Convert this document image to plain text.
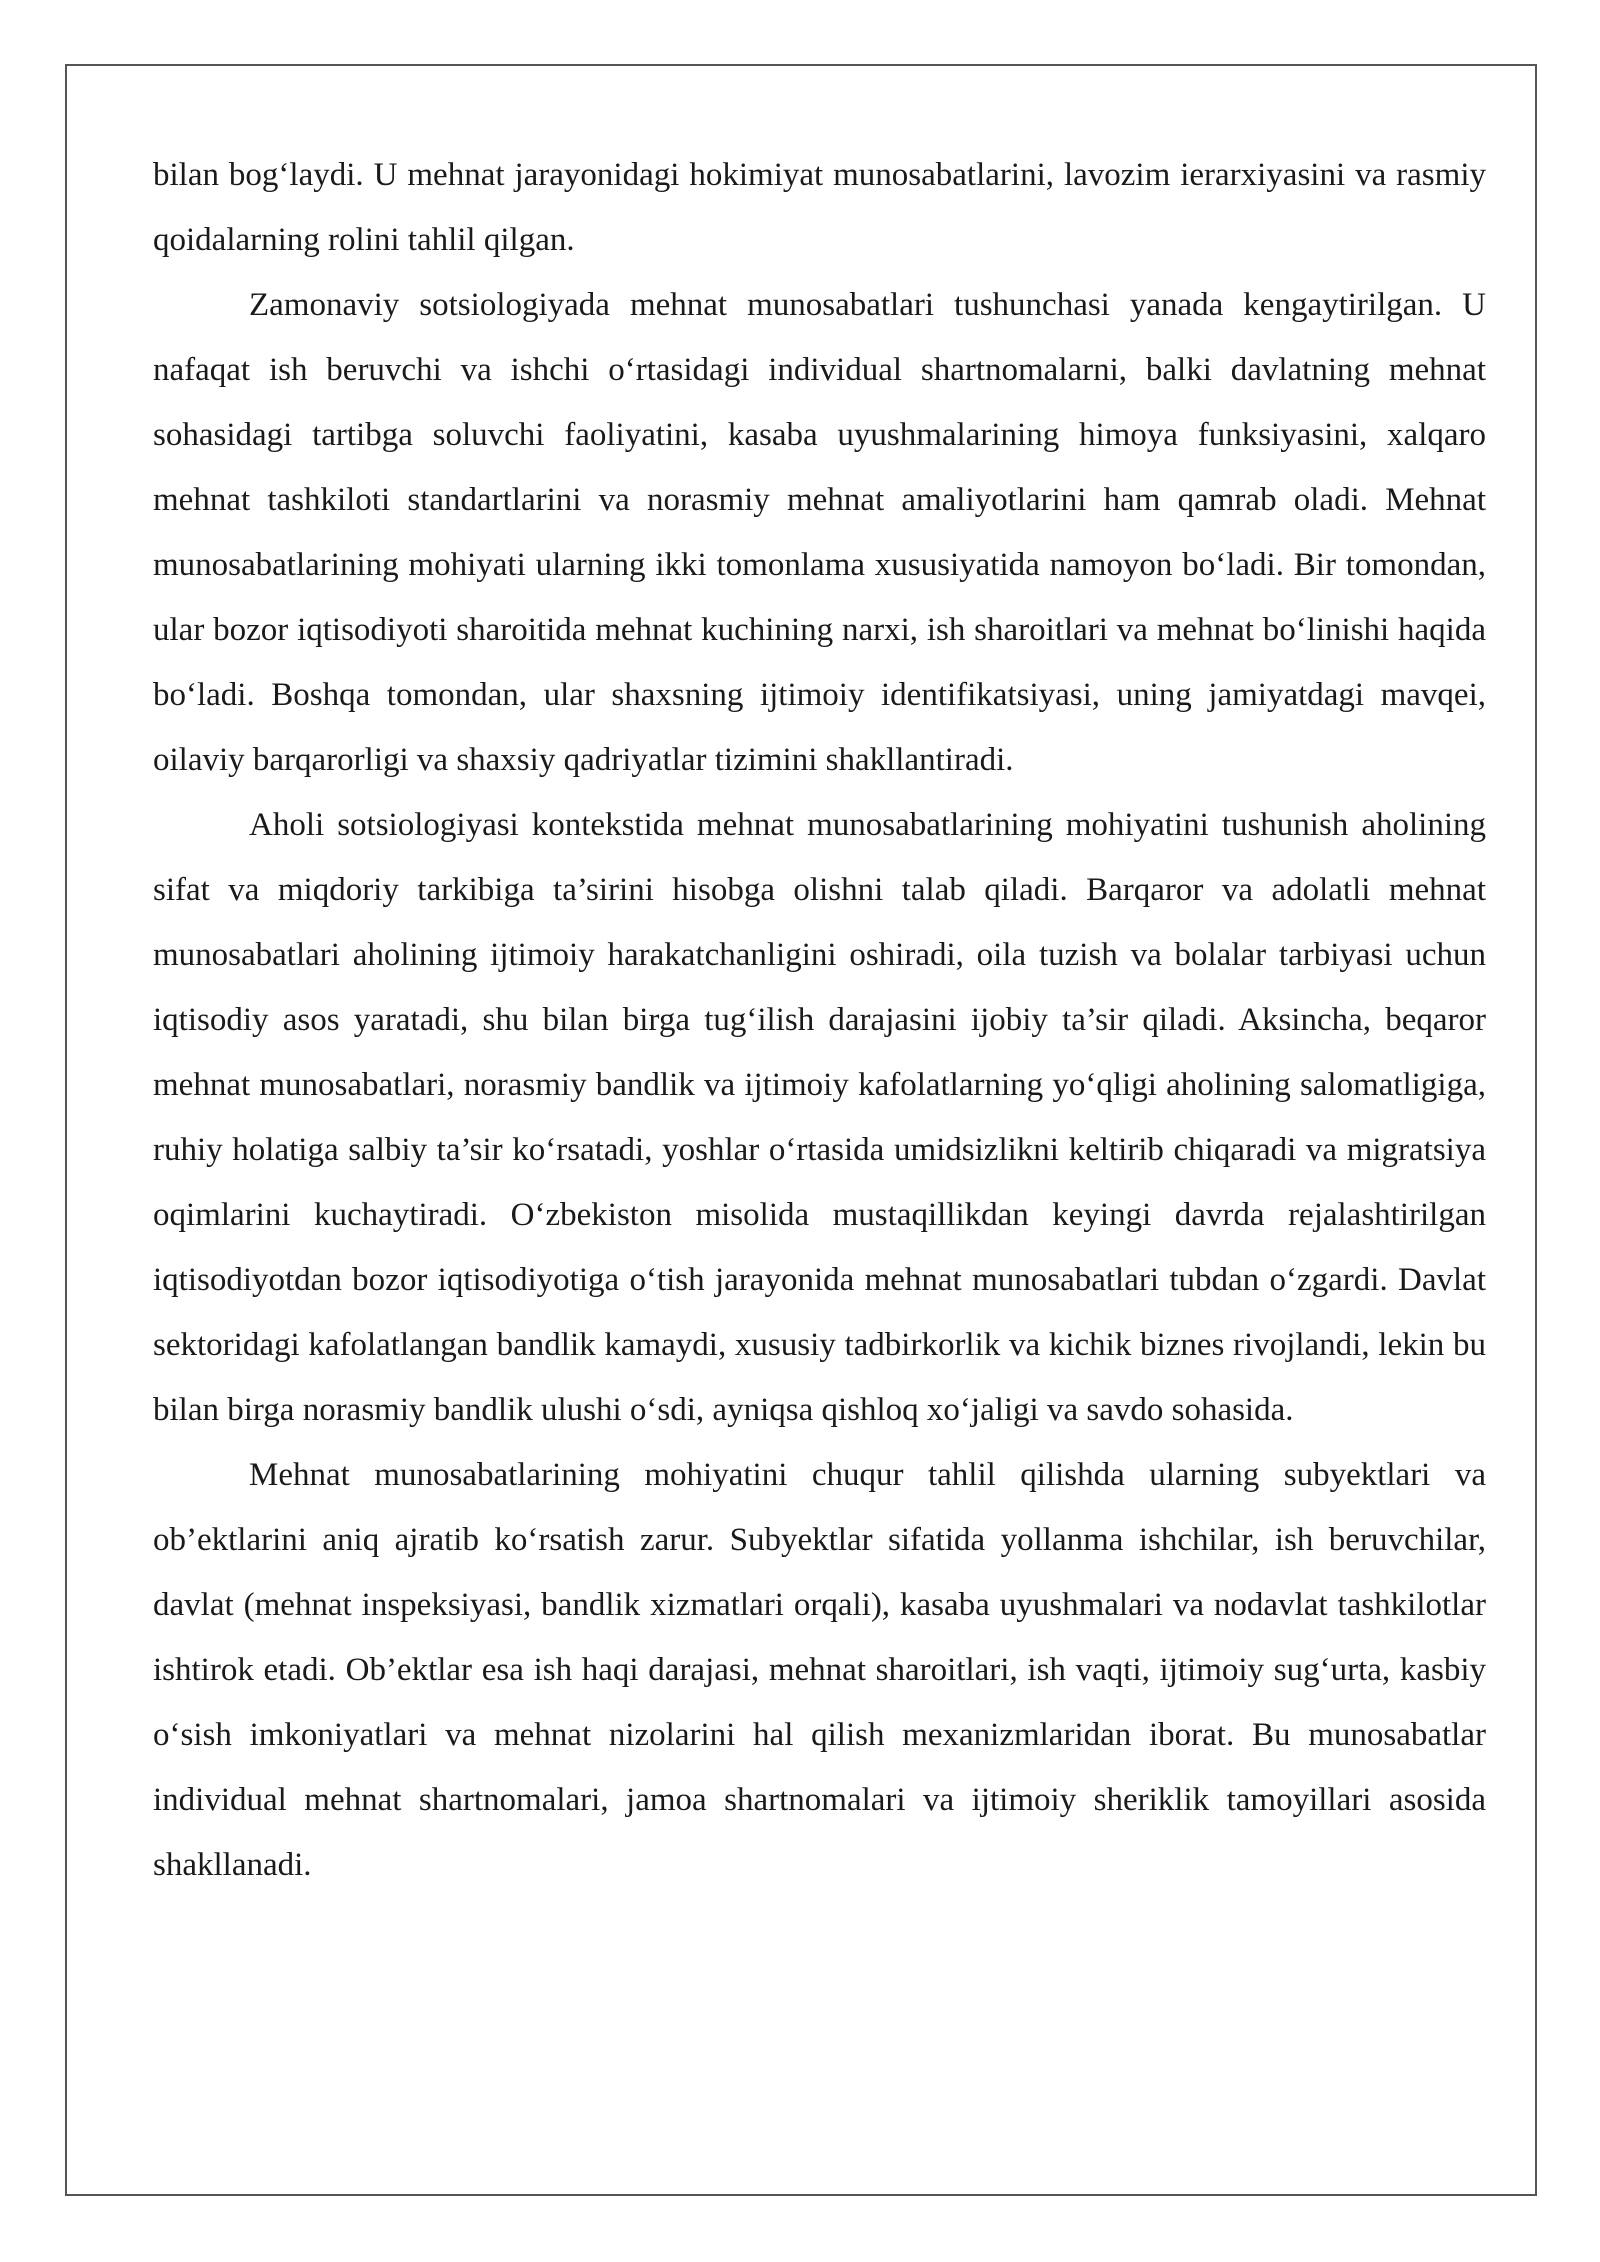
bilan bog‘laydi. U mehnat jarayonidagi hokimiyat munosabatlarini, lavozim ierarxiyasini va rasmiy qoidalarning rolini tahlil qilgan.

Zamonaviy sotsiologiyada mehnat munosabatlari tushunchasi yanada kengaytirilgan. U nafaqat ish beruvchi va ishchi o‘rtasidagi individual shartnomalarni, balki davlatning mehnat sohasidagi tartibga soluvchi faoliyatini, kasaba uyushmalarining himoya funksiyasini, xalqaro mehnat tashkiloti standartlarini va norasmiy mehnat amaliyotlarini ham qamrab oladi. Mehnat munosabatlarining mohiyati ularning ikki tomonlama xususiyatida namoyon bo‘ladi. Bir tomondan, ular bozor iqtisodiyoti sharoitida mehnat kuchining narxi, ish sharoitlari va mehnat bo‘linishi haqida bo‘ladi. Boshqa tomondan, ular shaxsning ijtimoiy identifikatsiyasi, uning jamiyatdagi mavqei, oilaviy barqarorligi va shaxsiy qadriyatlar tizimini shakllantiradi.

Aholi sotsiologiyasi kontekstida mehnat munosabatlarining mohiyatini tushunish aholining sifat va miqdoriy tarkibiga ta’sirini hisobga olishni talab qiladi. Barqaror va adolatli mehnat munosabatlari aholining ijtimoiy harakatchanligini oshiradi, oila tuzish va bolalar tarbiyasi uchun iqtisodiy asos yaratadi, shu bilan birga tug‘ilish darajasini ijobiy ta’sir qiladi. Aksincha, beqaror mehnat munosabatlari, norasmiy bandlik va ijtimoiy kafolatlarning yo‘qligi aholining salomatligiga, ruhiy holatiga salbiy ta’sir ko‘rsatadi, yoshlar o‘rtasida umidsizlikni keltirib chiqaradi va migratsiya oqimlarini kuchaytiradi. O‘zbekiston misolida mustaqillikdan keyingi davrda rejalashtirilgan iqtisodiyotdan bozor iqtisodiyotiga o‘tish jarayonida mehnat munosabatlari tubdan o‘zgardi. Davlat sektoridagi kafolatlangan bandlik kamaydi, xususiy tadbirkorlik va kichik biznes rivojlandi, lekin bu bilan birga norasmiy bandlik ulushi o‘sdi, ayniqsa qishloq xo‘jaligi va savdo sohasida.

Mehnat munosabatlarining mohiyatini chuqur tahlil qilishda ularning subyektlari va ob’ektlarini aniq ajratib ko‘rsatish zarur. Subyektlar sifatida yollanma ishchilar, ish beruvchilar, davlat (mehnat inspeksiyasi, bandlik xizmatlari orqali), kasaba uyushmalari va nodavlat tashkilotlar ishtirok etadi. Ob’ektlar esa ish haqi darajasi, mehnat sharoitlari, ish vaqti, ijtimoiy sug‘urta, kasbiy o‘sish imkoniyatlari va mehnat nizolarini hal qilish mexanizmlaridan iborat. Bu munosabatlar individual mehnat shartnomalari, jamoa shartnomalari va ijtimoiy sheriklik tamoyillari asosida shakllanadi.
